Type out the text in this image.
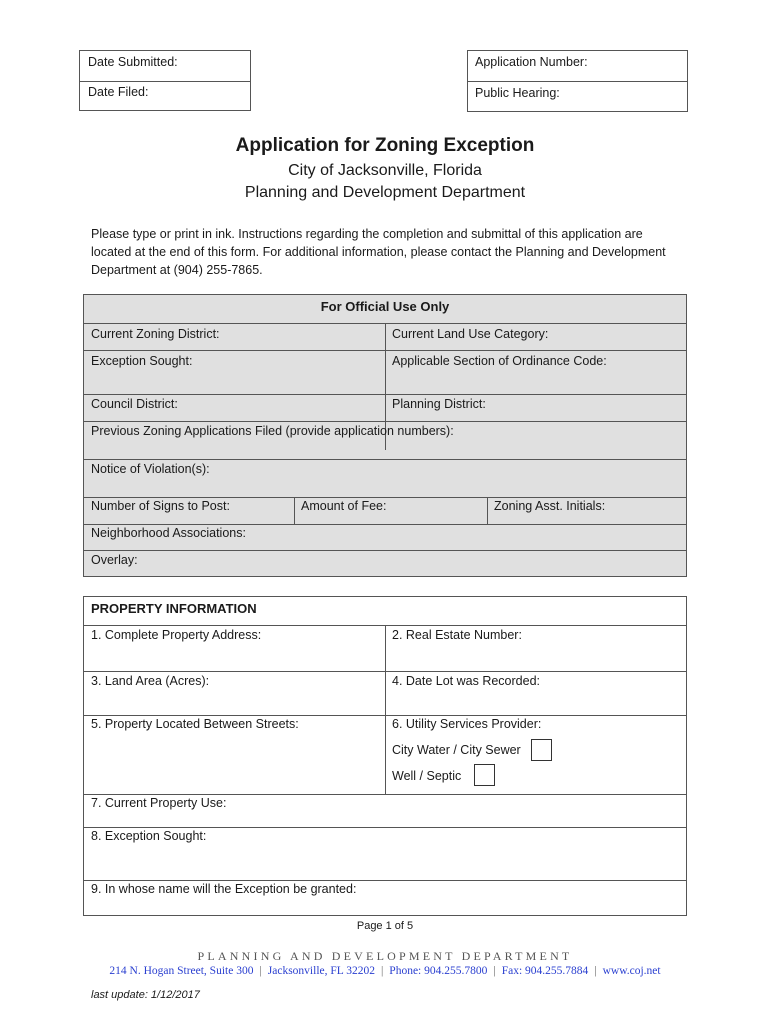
Date Submitted:
Date Filed:
Application Number:
Public Hearing:
Application for Zoning Exception
City of Jacksonville, Florida
Planning and Development Department
Please type or print in ink. Instructions regarding the completion and submittal of this application are located at the end of this form. For additional information, please contact the Planning and Development Department at (904) 255-7865.
For Official Use Only
Current Zoning District:	Current Land Use Category:
Exception Sought:	Applicable Section of Ordinance Code:
Council District:	Planning District:
Previous Zoning Applications Filed (provide application numbers):
Notice of Violation(s):
Number of Signs to Post:	Amount of Fee:	Zoning Asst. Initials:
Neighborhood Associations:
Overlay:
PROPERTY INFORMATION
1. Complete Property Address:	2. Real Estate Number:
3. Land Area (Acres):	4. Date Lot was Recorded:
5. Property Located Between Streets:	6. Utility Services Provider:
City Water / City Sewer
Well / Septic
7. Current Property Use:
8. Exception Sought:
9. In whose name will the Exception be granted:
Page 1 of 5
PLANNING AND DEVELOPMENT DEPARTMENT
214 N. Hogan Street, Suite 300 | Jacksonville, FL 32202 | Phone: 904.255.7800 | Fax: 904.255.7884 | www.coj.net
last update: 1/12/2017
